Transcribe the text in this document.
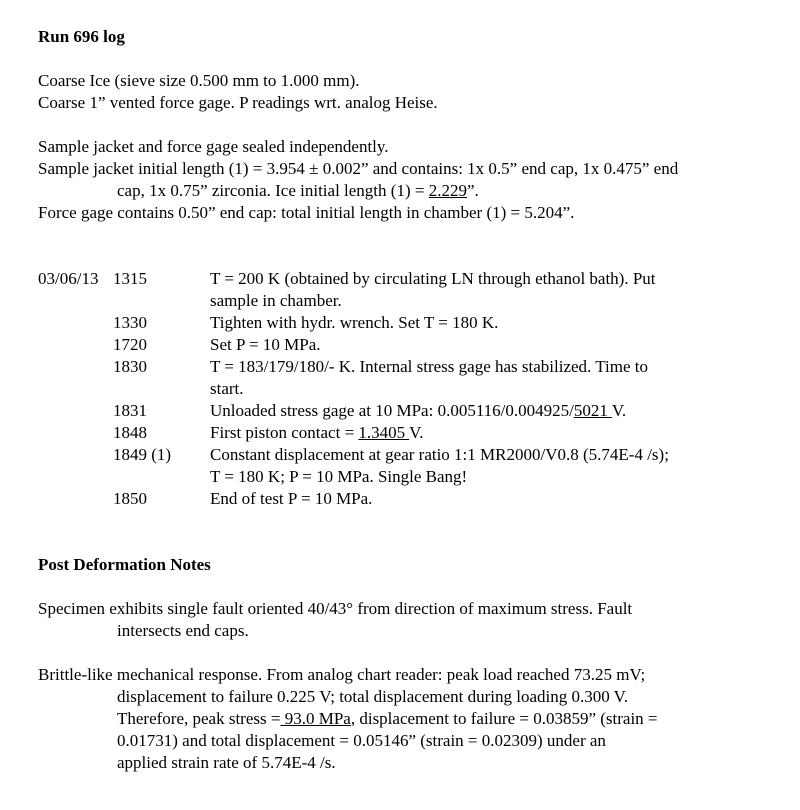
Run 696 log
Coarse Ice (sieve size 0.500 mm to 1.000 mm).
Coarse 1” vented force gage. P readings wrt. analog Heise.
Sample jacket and force gage sealed independently.
Sample jacket initial length (1) = 3.954 ± 0.002” and contains: 1x 0.5” end cap, 1x 0.475” end
cap, 1x 0.75” zirconia. Ice initial length (1) = 2.229”.
Force gage contains 0.50” end cap: total initial length in chamber (1) = 5.204”.
03/06/13 1315	T = 200 K (obtained by circulating LN through ethanol bath). Put
sample in chamber.
1330	Tighten with hydr. wrench. Set T = 180 K.
1720	Set P = 10 MPa.
1830	T = 183/179/180/- K. Internal stress gage has stabilized. Time to
start.
1831	Unloaded stress gage at 10 MPa: 0.005116/0.004925/5021 V.
1848	First piston contact = 1.3405 V.
1849 (1)	Constant displacement at gear ratio 1:1 MR2000/V0.8 (5.74E-4 /s);
T = 180 K; P = 10 MPa. Single Bang!
1850	End of test P = 10 MPa.
Post Deformation Notes
Specimen exhibits single fault oriented 40/43° from direction of maximum stress. Fault
intersects end caps.
Brittle-like mechanical response. From analog chart reader: peak load reached 73.25 mV;
displacement to failure 0.225 V; total displacement during loading 0.300 V.
Therefore, peak stress = 93.0 MPa, displacement to failure = 0.03859” (strain =
0.01731) and total displacement = 0.05146” (strain = 0.02309) under an
applied strain rate of 5.74E-4 /s.
